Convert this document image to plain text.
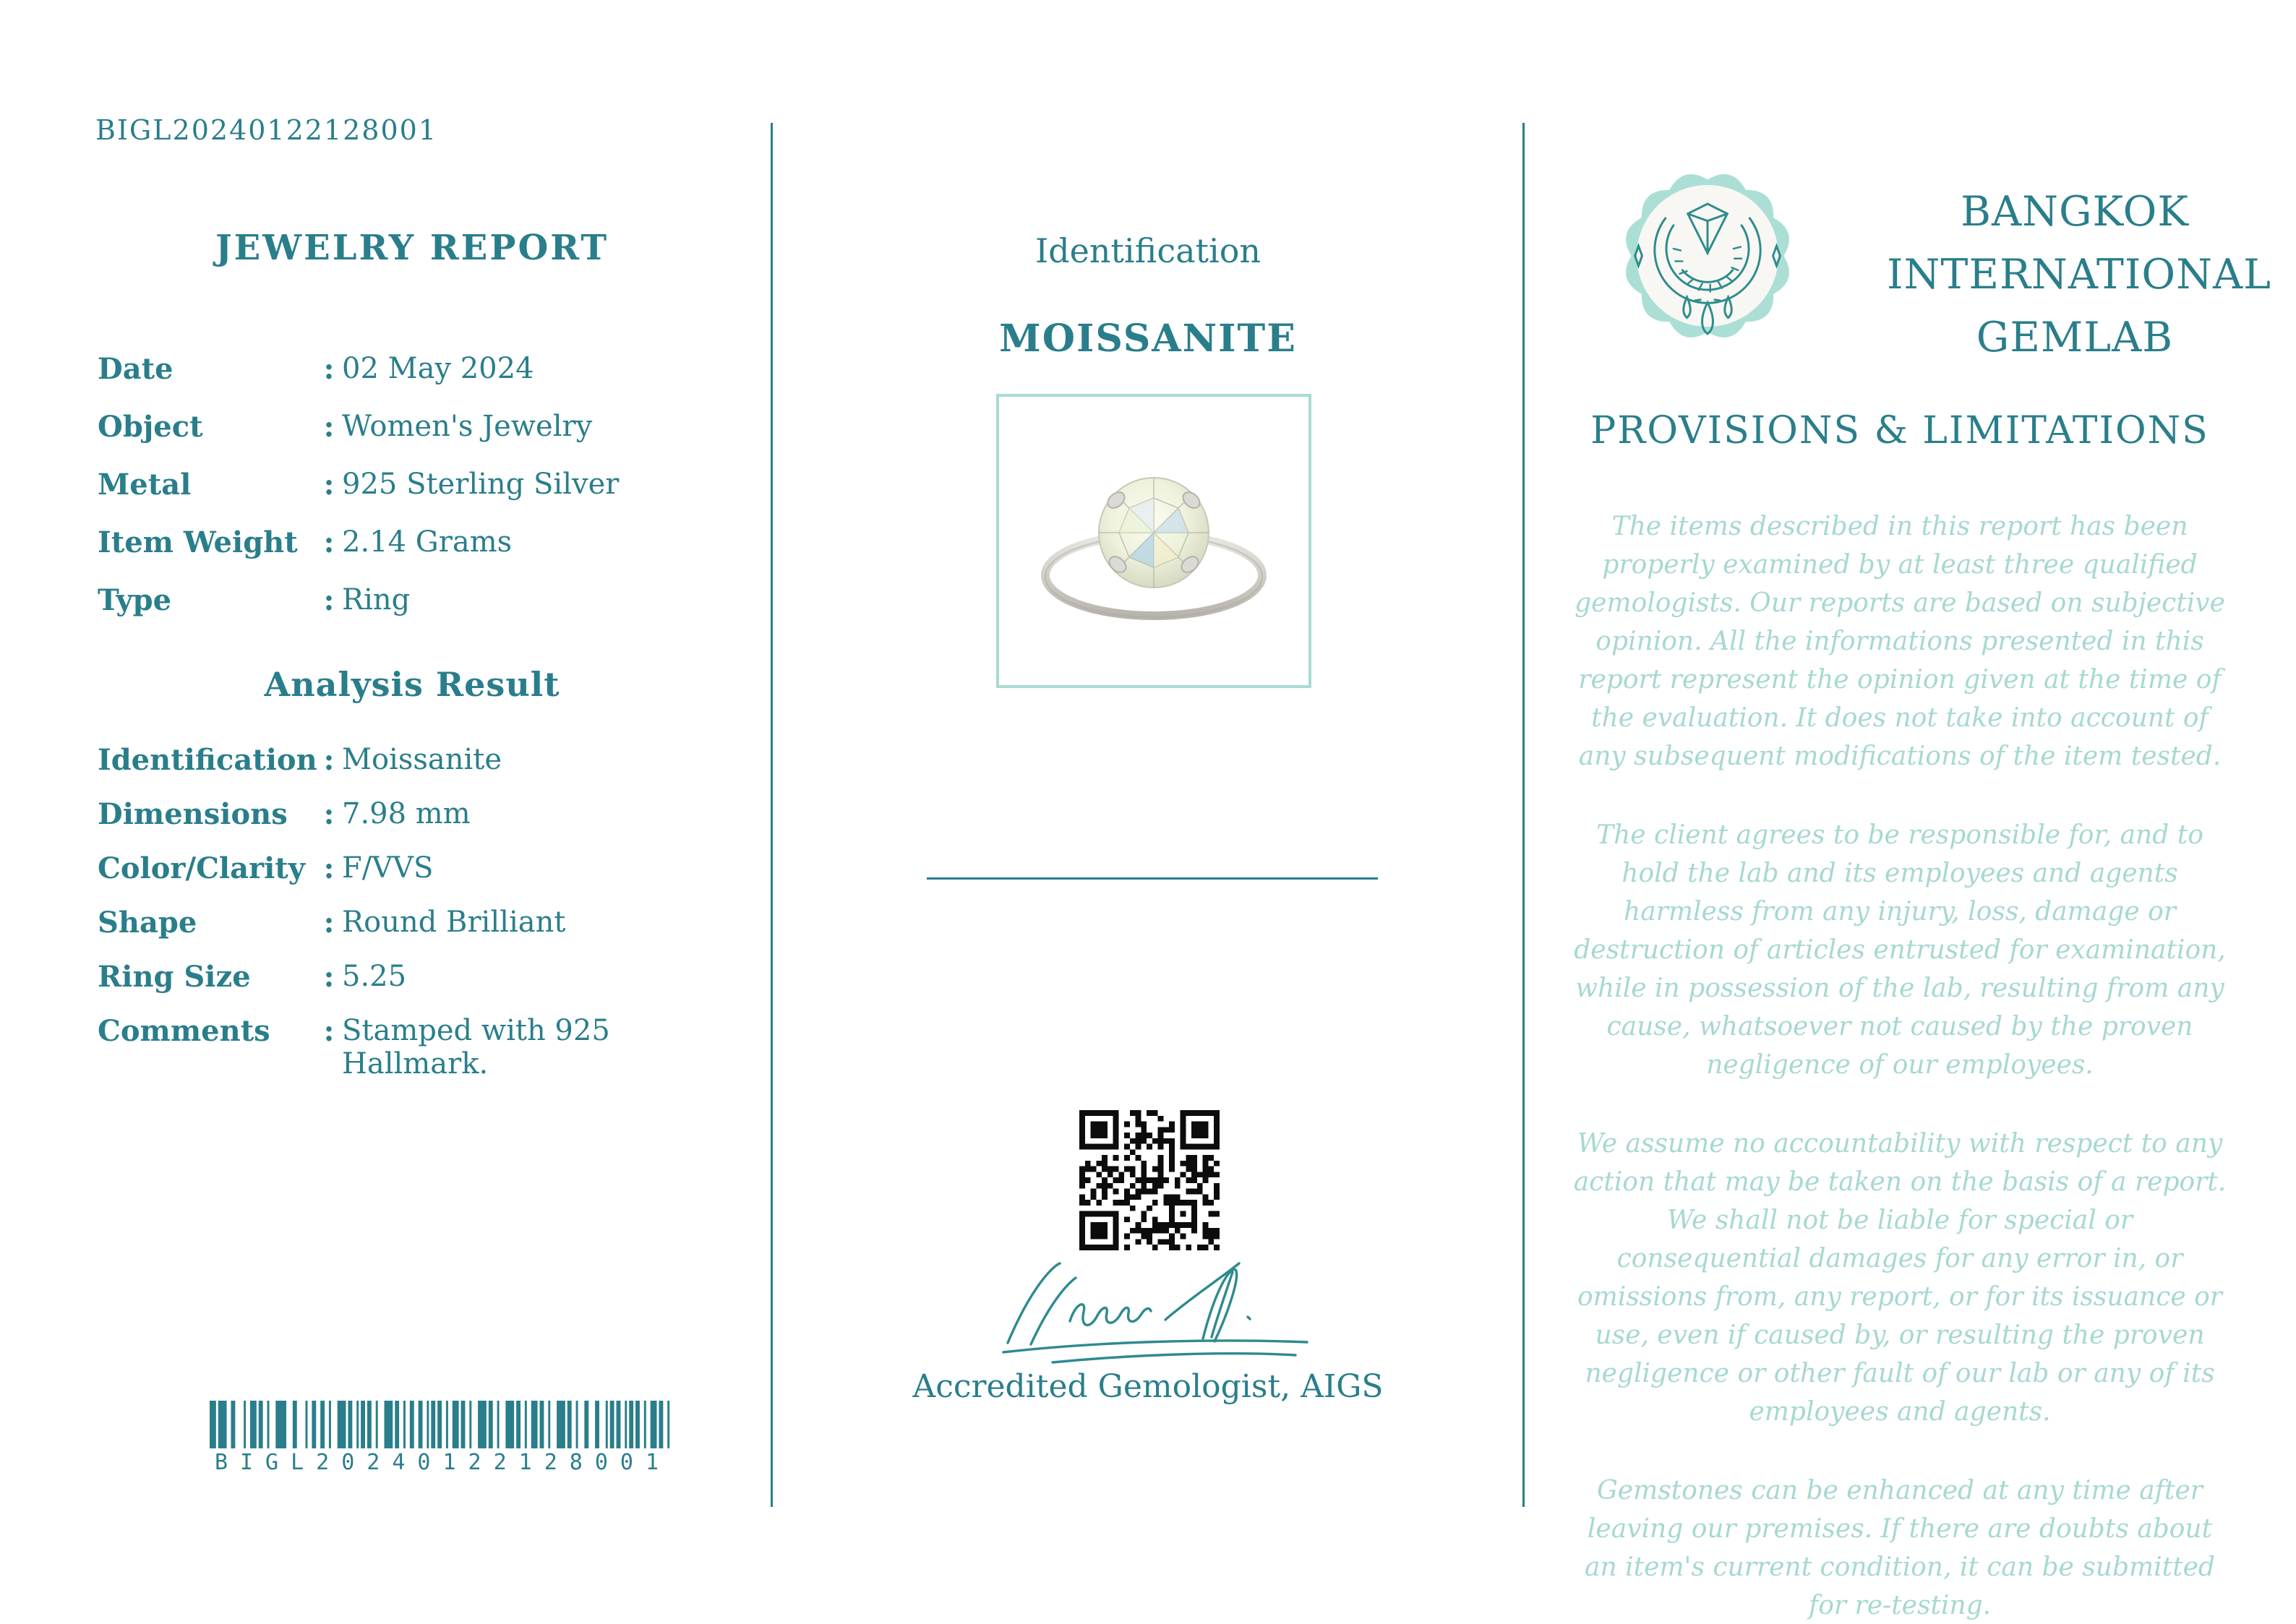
BIGL20240122128001
JEWELRY REPORT
Date	: 02 May 2024
Object	: Women's Jewelry
Metal	: 925 Sterling Silver
Item Weight : 2.14 Grams
Type	: Ring
Analysis Result
Identification : Moissanite
Dimensions	: 7.98 mm
Color/Clarity : F/VVS
Shape	: Round Brilliant
Ring Size	: 5.25
Comments	: Stamped with 925 Hallmark.
BIGL20240122128001
Identification
MOISSANITE
Accredited Gemologist, AIGS
BANGKOK
INTERNATIONAL
GEMLAB
PROVISIONS & LIMITATIONS

The items described in this report has been properly examined by at least three qualified gemologists. Our reports are based on subjective opinion. All the informations presented in this report represent the opinion given at the time of the evaluation. It does not take into account of any subsequent modifications of the item tested.

The client agrees to be responsible for, and to hold the lab and its employees and agents harmless from any injury, loss, damage or destruction of articles entrusted for examination, while in possession of the lab, resulting from any cause, whatsoever not caused by the proven negligence of our employees.

We assume no accountability with respect to any action that may be taken on the basis of a report. We shall not be liable for special or consequential damages for any error in, or omissions from, any report, or for its issuance or use, even if caused by, or resulting the proven negligence or other fault of our lab or any of its employees and agents.

Gemstones can be enhanced at any time after leaving our premises. If there are doubts about an item's current condition, it can be submitted for re-testing.
